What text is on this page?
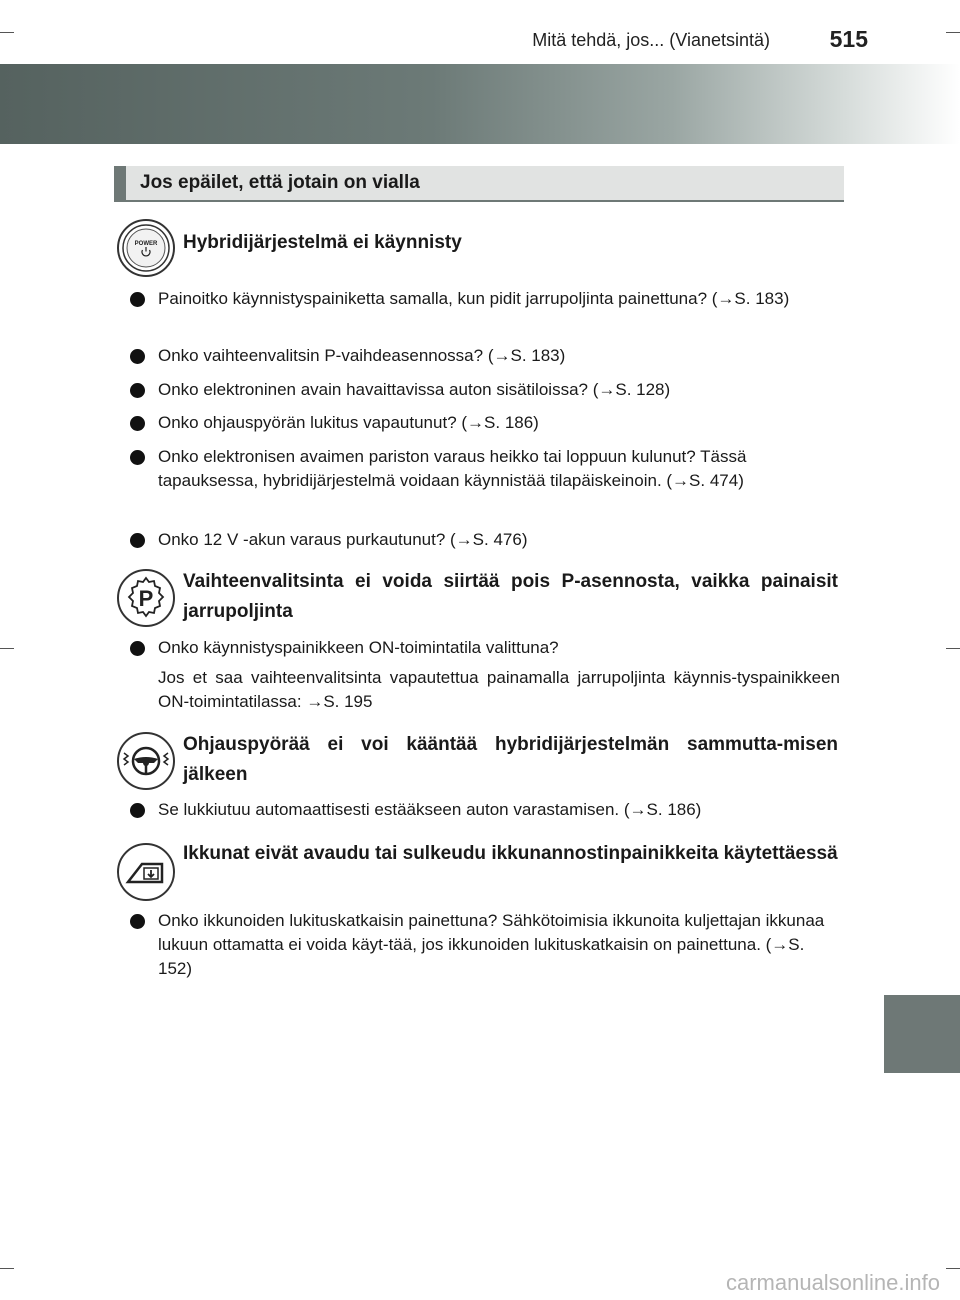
Mitä tehdä, jos... (Vianetsintä)	515
Jos epäilet, että jotain on vialla
POWER Hybridijärjestelmä ei käynnisty
Painoitko käynnistyspainiketta samalla, kun pidit jarrupoljinta painettuna? (→S. 183)
Onko vaihteenvalitsin P-vaihdeasennossa? (→S. 183)
Onko elektroninen avain havaittavissa auton sisätiloissa? (→S. 128)
Onko ohjauspyörän lukitus vapautunut? (→S. 186)
Onko elektronisen avaimen pariston varaus heikko tai loppuun kulunut? Tässä tapauksessa, hybridijärjestelmä voidaan käynnistää tilapäiskeinoin. (→S. 474)
Onko 12 V -akun varaus purkautunut? (→S. 476)
P
Vaihteenvalitsinta ei voida siirtää pois P-asennosta, vaikka painaisit jarrupoljinta
Onko käynnistyspainikkeen ON-toimintatila valittuna?
Jos et saa vaihteenvalitsinta vapautettua painamalla jarrupoljinta käynnis-tyspainikkeen ON-toimintatilassa: →S. 195
Ohjauspyörää ei voi kääntää hybridijärjestelmän sammutta-misen jälkeen
Se lukkiutuu automaattisesti estääkseen auton varastamisen. (→S. 186)
Ikkunat eivät avaudu tai sulkeudu ikkunannostinpainikkeita käytettäessä
Onko ikkunoiden lukituskatkaisin painettuna? Sähkötoimisia ikkunoita kuljettajan ikkunaa lukuun ottamatta ei voida käyt-tää, jos ikkunoiden lukituskatkaisin on painettuna. (→S. 152)
carmanualsonline.info
